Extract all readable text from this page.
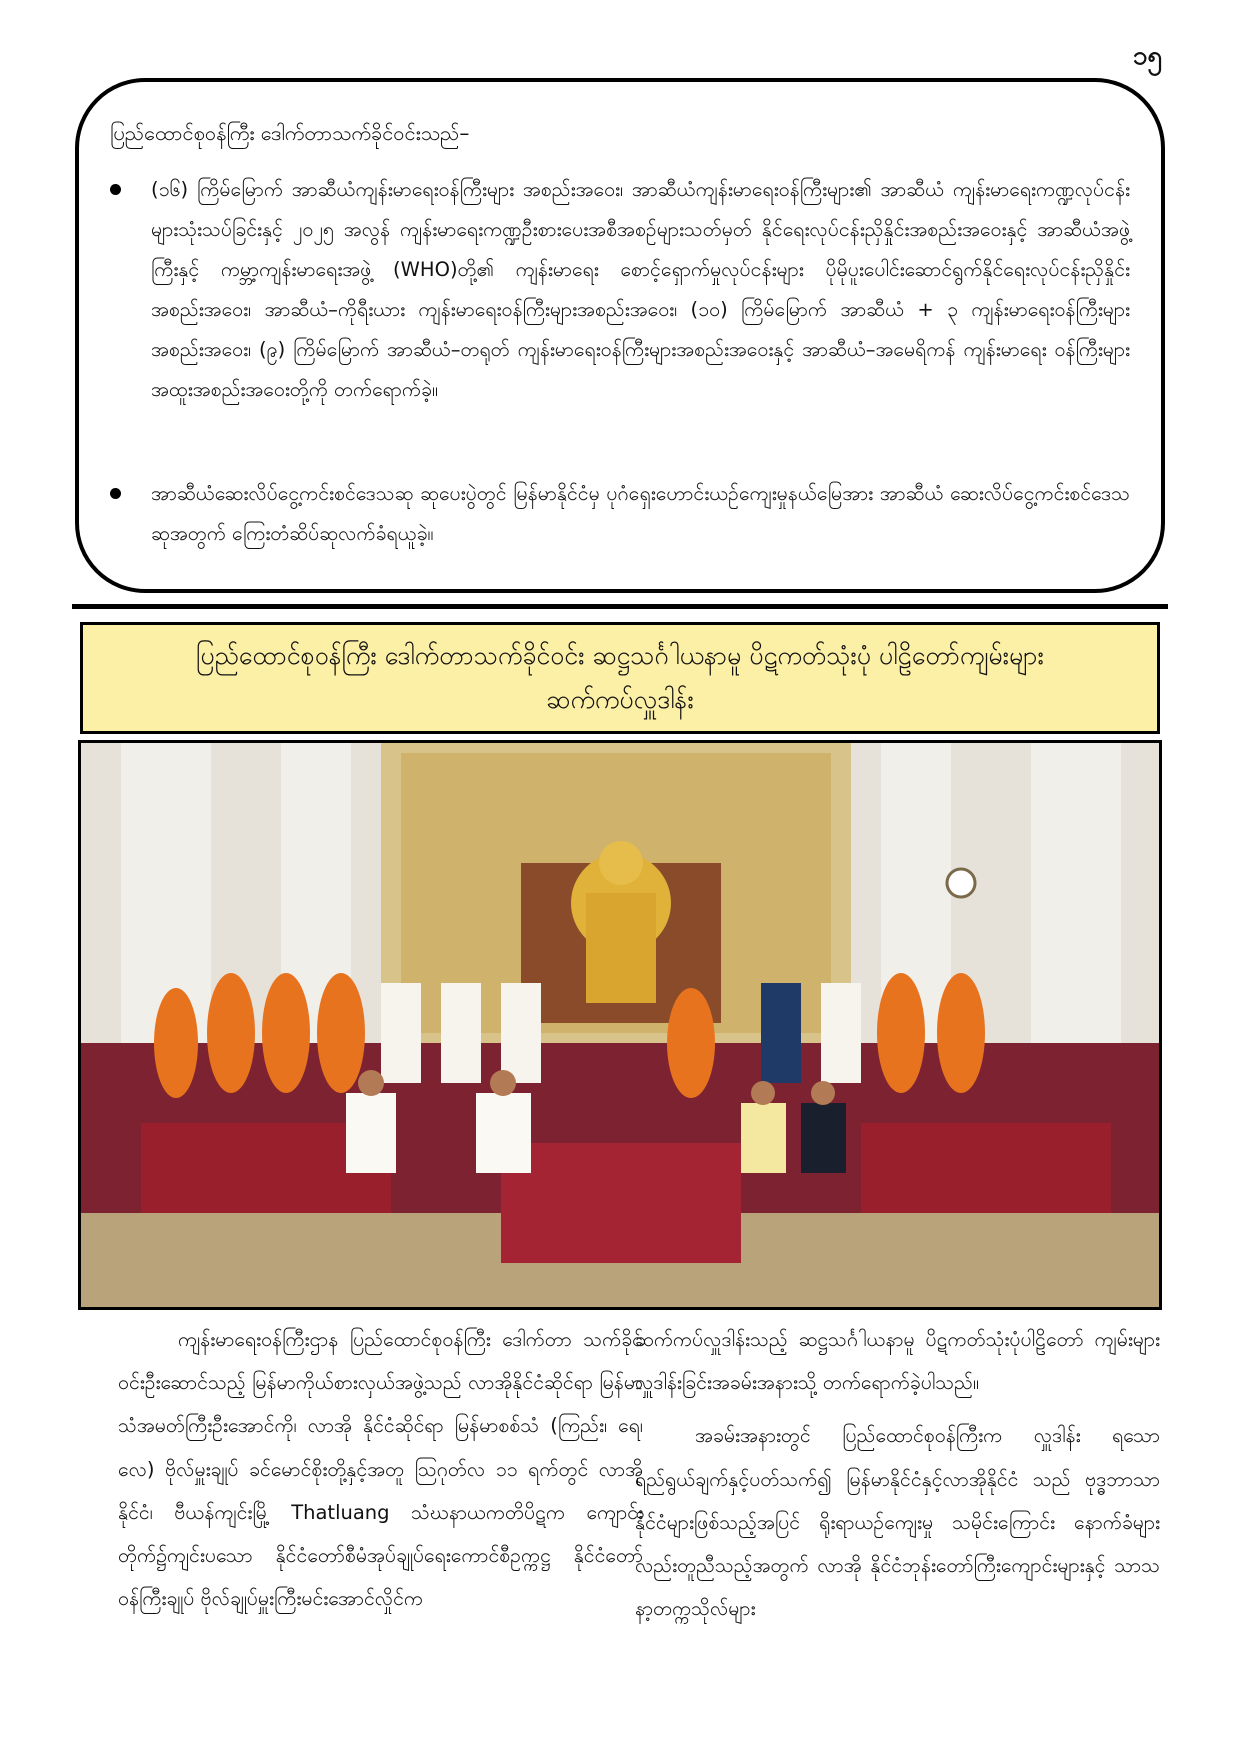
၁၅
ပြည်ထောင်စုဝန်ကြီး ဒေါက်တာသက်ခိုင်ဝင်းသည်–
(၁၆) ကြိမ်မြောက် အာဆီယံကျန်းမာရေးဝန်ကြီးများ အစည်းအဝေး၊ အာဆီယံကျန်းမာရေးဝန်ကြီးများ၏ အာဆီယံ ကျန်းမာရေးကဏ္ဍလုပ်ငန်းများသုံးသပ်ခြင်းနှင့် ၂၀၂၅ အလွန် ကျန်းမာရေးကဏ္ဍဦးစားပေးအစီအစဉ်များသတ်မှတ် နိုင်ရေးလုပ်ငန်းညှိနှိုင်းအစည်းအဝေးနှင့် အာဆီယံအဖွဲ့ကြီးနှင့် ကမ္ဘာ့ကျန်းမာရေးအဖွဲ့ (WHO)တို့၏ ကျန်းမာရေး စောင့်ရှောက်မှုလုပ်ငန်းများ ပိုမိုပူးပေါင်းဆောင်ရွက်နိုင်ရေးလုပ်ငန်းညှိနှိုင်းအစည်းအဝေး၊ အာဆီယံ–ကိုရီးယား ကျန်းမာရေးဝန်ကြီးများအစည်းအဝေး၊ (၁၀) ကြိမ်မြောက် အာဆီယံ + ၃ ကျန်းမာရေးဝန်ကြီးများအစည်းအဝေး၊ (၉) ကြိမ်မြောက် အာဆီယံ–တရုတ် ကျန်းမာရေးဝန်ကြီးများအစည်းအဝေးနှင့် အာဆီယံ–အမေရိကန် ကျန်းမာရေး ဝန်ကြီးများ အထူးအစည်းအဝေးတို့ကို တက်ရောက်ခဲ့။
အာဆီယံဆေးလိပ်ငွေ့ကင်းစင်ဒေသဆု ဆုပေးပွဲတွင် မြန်မာနိုင်ငံမှ ပုဂံရှေးဟောင်းယဉ်ကျေးမှုနယ်မြေအား အာဆီယံ ဆေးလိပ်ငွေ့ကင်းစင်ဒေသဆုအတွက် ကြေးတံဆိပ်ဆုလက်ခံရယူခဲ့။
ပြည်ထောင်စုဝန်ကြီး ဒေါက်တာသက်ခိုင်ဝင်း ဆဋ္ဌသင်္ဂါယနာမူ ပိဋကတ်သုံးပုံ ပါဠိတော်ကျမ်းများ
ဆက်ကပ်လှူဒါန်း

ကျန်းမာရေးဝန်ကြီးဌာန ပြည်ထောင်စုဝန်ကြီး ဒေါက်တာ သက်ခိုင်ဝင်းဦးဆောင်သည့် မြန်မာကိုယ်စားလှယ်အဖွဲ့သည် လာအိုနိုင်ငံဆိုင်ရာ မြန်မာသံအမတ်ကြီးဦးအောင်ကို၊ လာအို နိုင်ငံဆိုင်ရာ မြန်မာစစ်သံ (ကြည်း၊ ရေ၊ လေ) ဗိုလ်မှူးချုပ် ခင်မောင်စိုးတို့နှင့်အတူ ဩဂုတ်လ ၁၁ ရက်တွင် လာအိုနိုင်ငံ၊ ဗီယန်ကျင်းမြို့ Thatluang သံဃနာယကတိပိဋက ကျောင်း တိုက်၌ကျင်းပသော နိုင်ငံတော်စီမံအုပ်ချုပ်ရေးကောင်စီဥက္ကဋ္ဌ နိုင်ငံတော်ဝန်ကြီးချုပ် ဗိုလ်ချုပ်မှူးကြီးမင်းအောင်လှိုင်က

ဆက်ကပ်လှူဒါန်းသည့် ဆဋ္ဌသင်္ဂါယနာမူ ပိဋကတ်သုံးပုံပါဠိတော် ကျမ်းများလှူဒါန်းခြင်းအခမ်းအနားသို့ တက်ရောက်ခဲ့ပါသည်။

အခမ်းအနားတွင် ပြည်ထောင်စုဝန်ကြီးက လှူဒါန်း ရသောရည်ရွယ်ချက်နှင့်ပတ်သက်၍ မြန်မာနိုင်ငံနှင့်လာအိုနိုင်ငံ သည် ဗုဒ္ဓဘာသာနိုင်ငံများဖြစ်သည့်အပြင် ရိုးရာယဉ်ကျေးမှု သမိုင်းကြောင်း နောက်ခံများလည်းတူညီသည့်အတွက် လာအို နိုင်ငံဘုန်းတော်ကြီးကျောင်းများနှင့် သာသနာ့တက္ကသိုလ်များ
